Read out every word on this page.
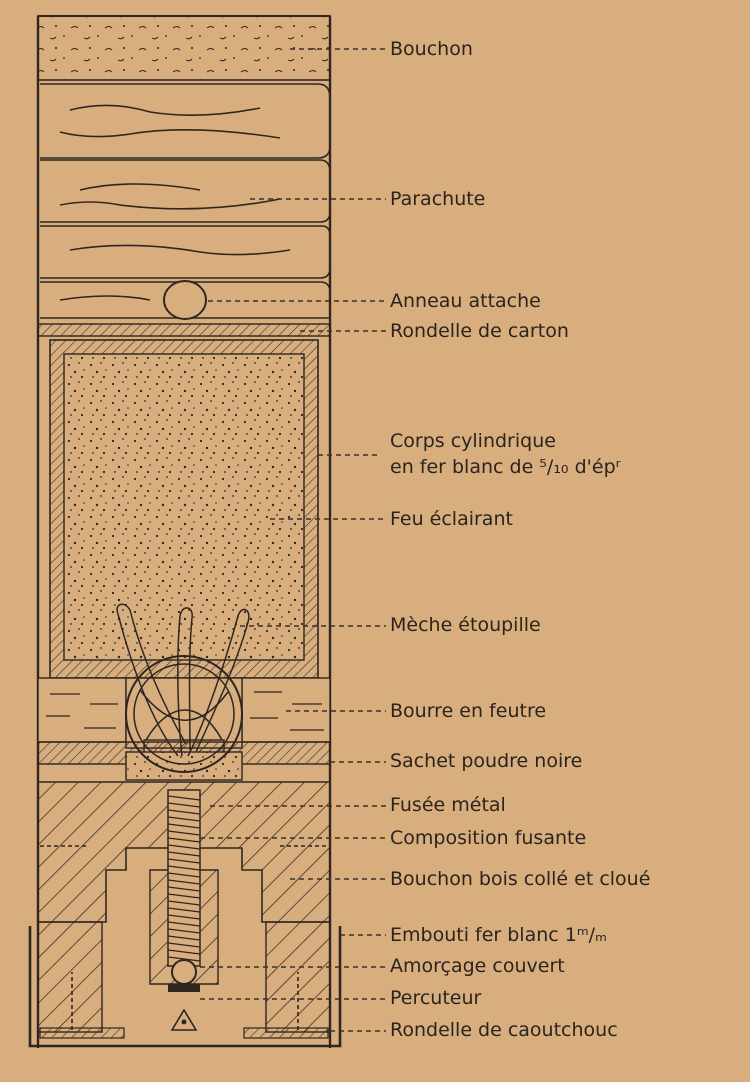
Bouchon
Parachute
Anneau attache
Rondelle de carton
Corps cylindrique
en fer blanc de ⁵/₁₀ d'épʳ
Feu éclairant
Mèche étoupille
Bourre en feutre
Sachet poudre noire
Fusée métal
Composition fusante
Bouchon bois collé et cloué
Embouti fer blanc 1ᵐ/ₘ
Amorçage couvert
Percuteur
Rondelle de caoutchouc
